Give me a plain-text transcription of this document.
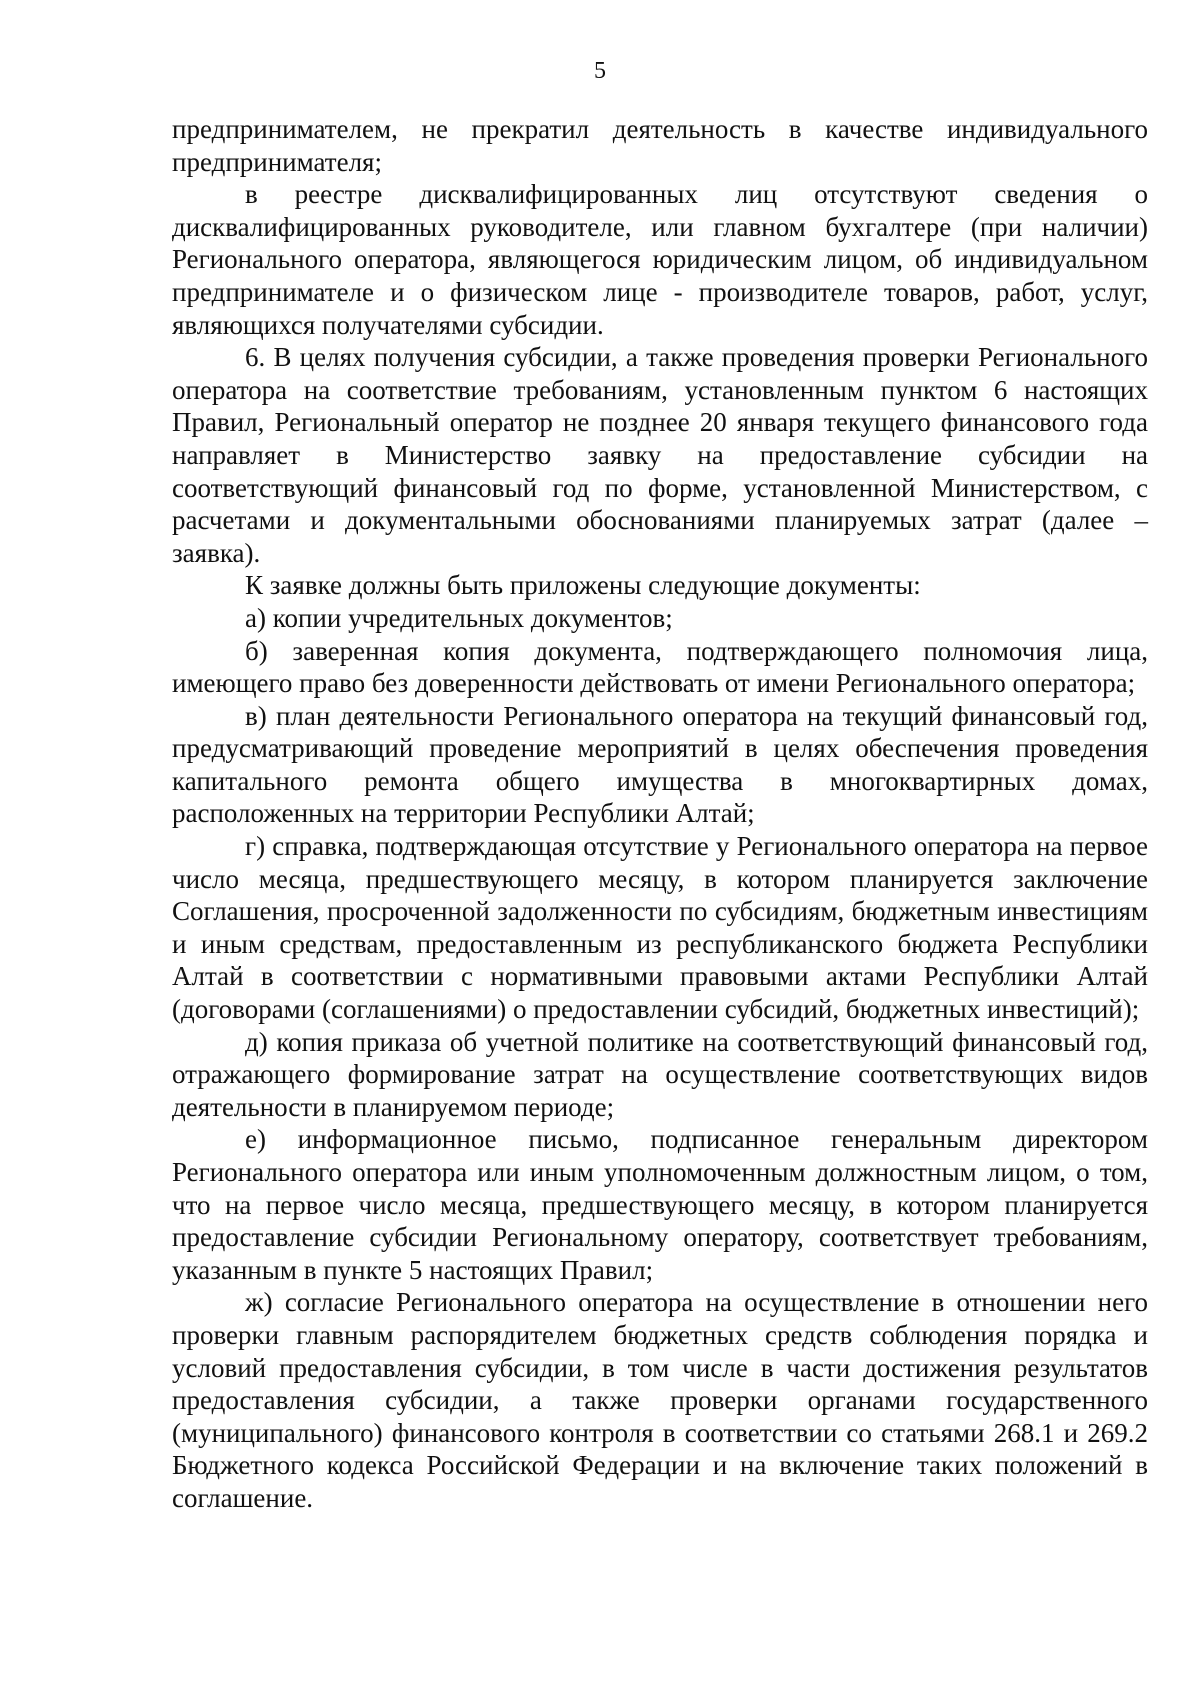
5

предпринимателем, не прекратил деятельность в качестве индивидуального предпринимателя;

в реестре дисквалифицированных лиц отсутствуют сведения о дисквалифицированных руководителе, или главном бухгалтере (при наличии) Регионального оператора, являющегося юридическим лицом, об индивидуальном предпринимателе и о физическом лице - производителе товаров, работ, услуг, являющихся получателями субсидии.

6. В целях получения субсидии, а также проведения проверки Регионального оператора на соответствие требованиям, установленным пунктом 6 настоящих Правил, Региональный оператор не позднее 20 января текущего финансового года направляет в Министерство заявку на предоставление субсидии на соответствующий финансовый год по форме, установленной Министерством, с расчетами и документальными обоснованиями планируемых затрат (далее – заявка).

К заявке должны быть приложены следующие документы:

а) копии учредительных документов;

б) заверенная копия документа, подтверждающего полномочия лица, имеющего право без доверенности действовать от имени Регионального оператора;

в) план деятельности Регионального оператора на текущий финансовый год, предусматривающий проведение мероприятий в целях обеспечения проведения капитального ремонта общего имущества в многоквартирных домах, расположенных на территории Республики Алтай;

г) справка, подтверждающая отсутствие у Регионального оператора на первое число месяца, предшествующего месяцу, в котором планируется заключение Соглашения, просроченной задолженности по субсидиям, бюджетным инвестициям и иным средствам, предоставленным из республиканского бюджета Республики Алтай в соответствии с нормативными правовыми актами Республики Алтай (договорами (соглашениями) о предоставлении субсидий, бюджетных инвестиций);

д) копия приказа об учетной политике на соответствующий финансовый год, отражающего формирование затрат на осуществление соответствующих видов деятельности в планируемом периоде;

е) информационное письмо, подписанное генеральным директором Регионального оператора или иным уполномоченным должностным лицом, о том, что на первое число месяца, предшествующего месяцу, в котором планируется предоставление субсидии Региональному оператору, соответствует требованиям, указанным в пункте 5 настоящих Правил;

ж) согласие Регионального оператора на осуществление в отношении него проверки главным распорядителем бюджетных средств соблюдения порядка и условий предоставления субсидии, в том числе в части достижения результатов предоставления субсидии, а также проверки органами государственного (муниципального) финансового контроля в соответствии со статьями 268.1 и 269.2 Бюджетного кодекса Российской Федерации и на включение таких положений в соглашение.
